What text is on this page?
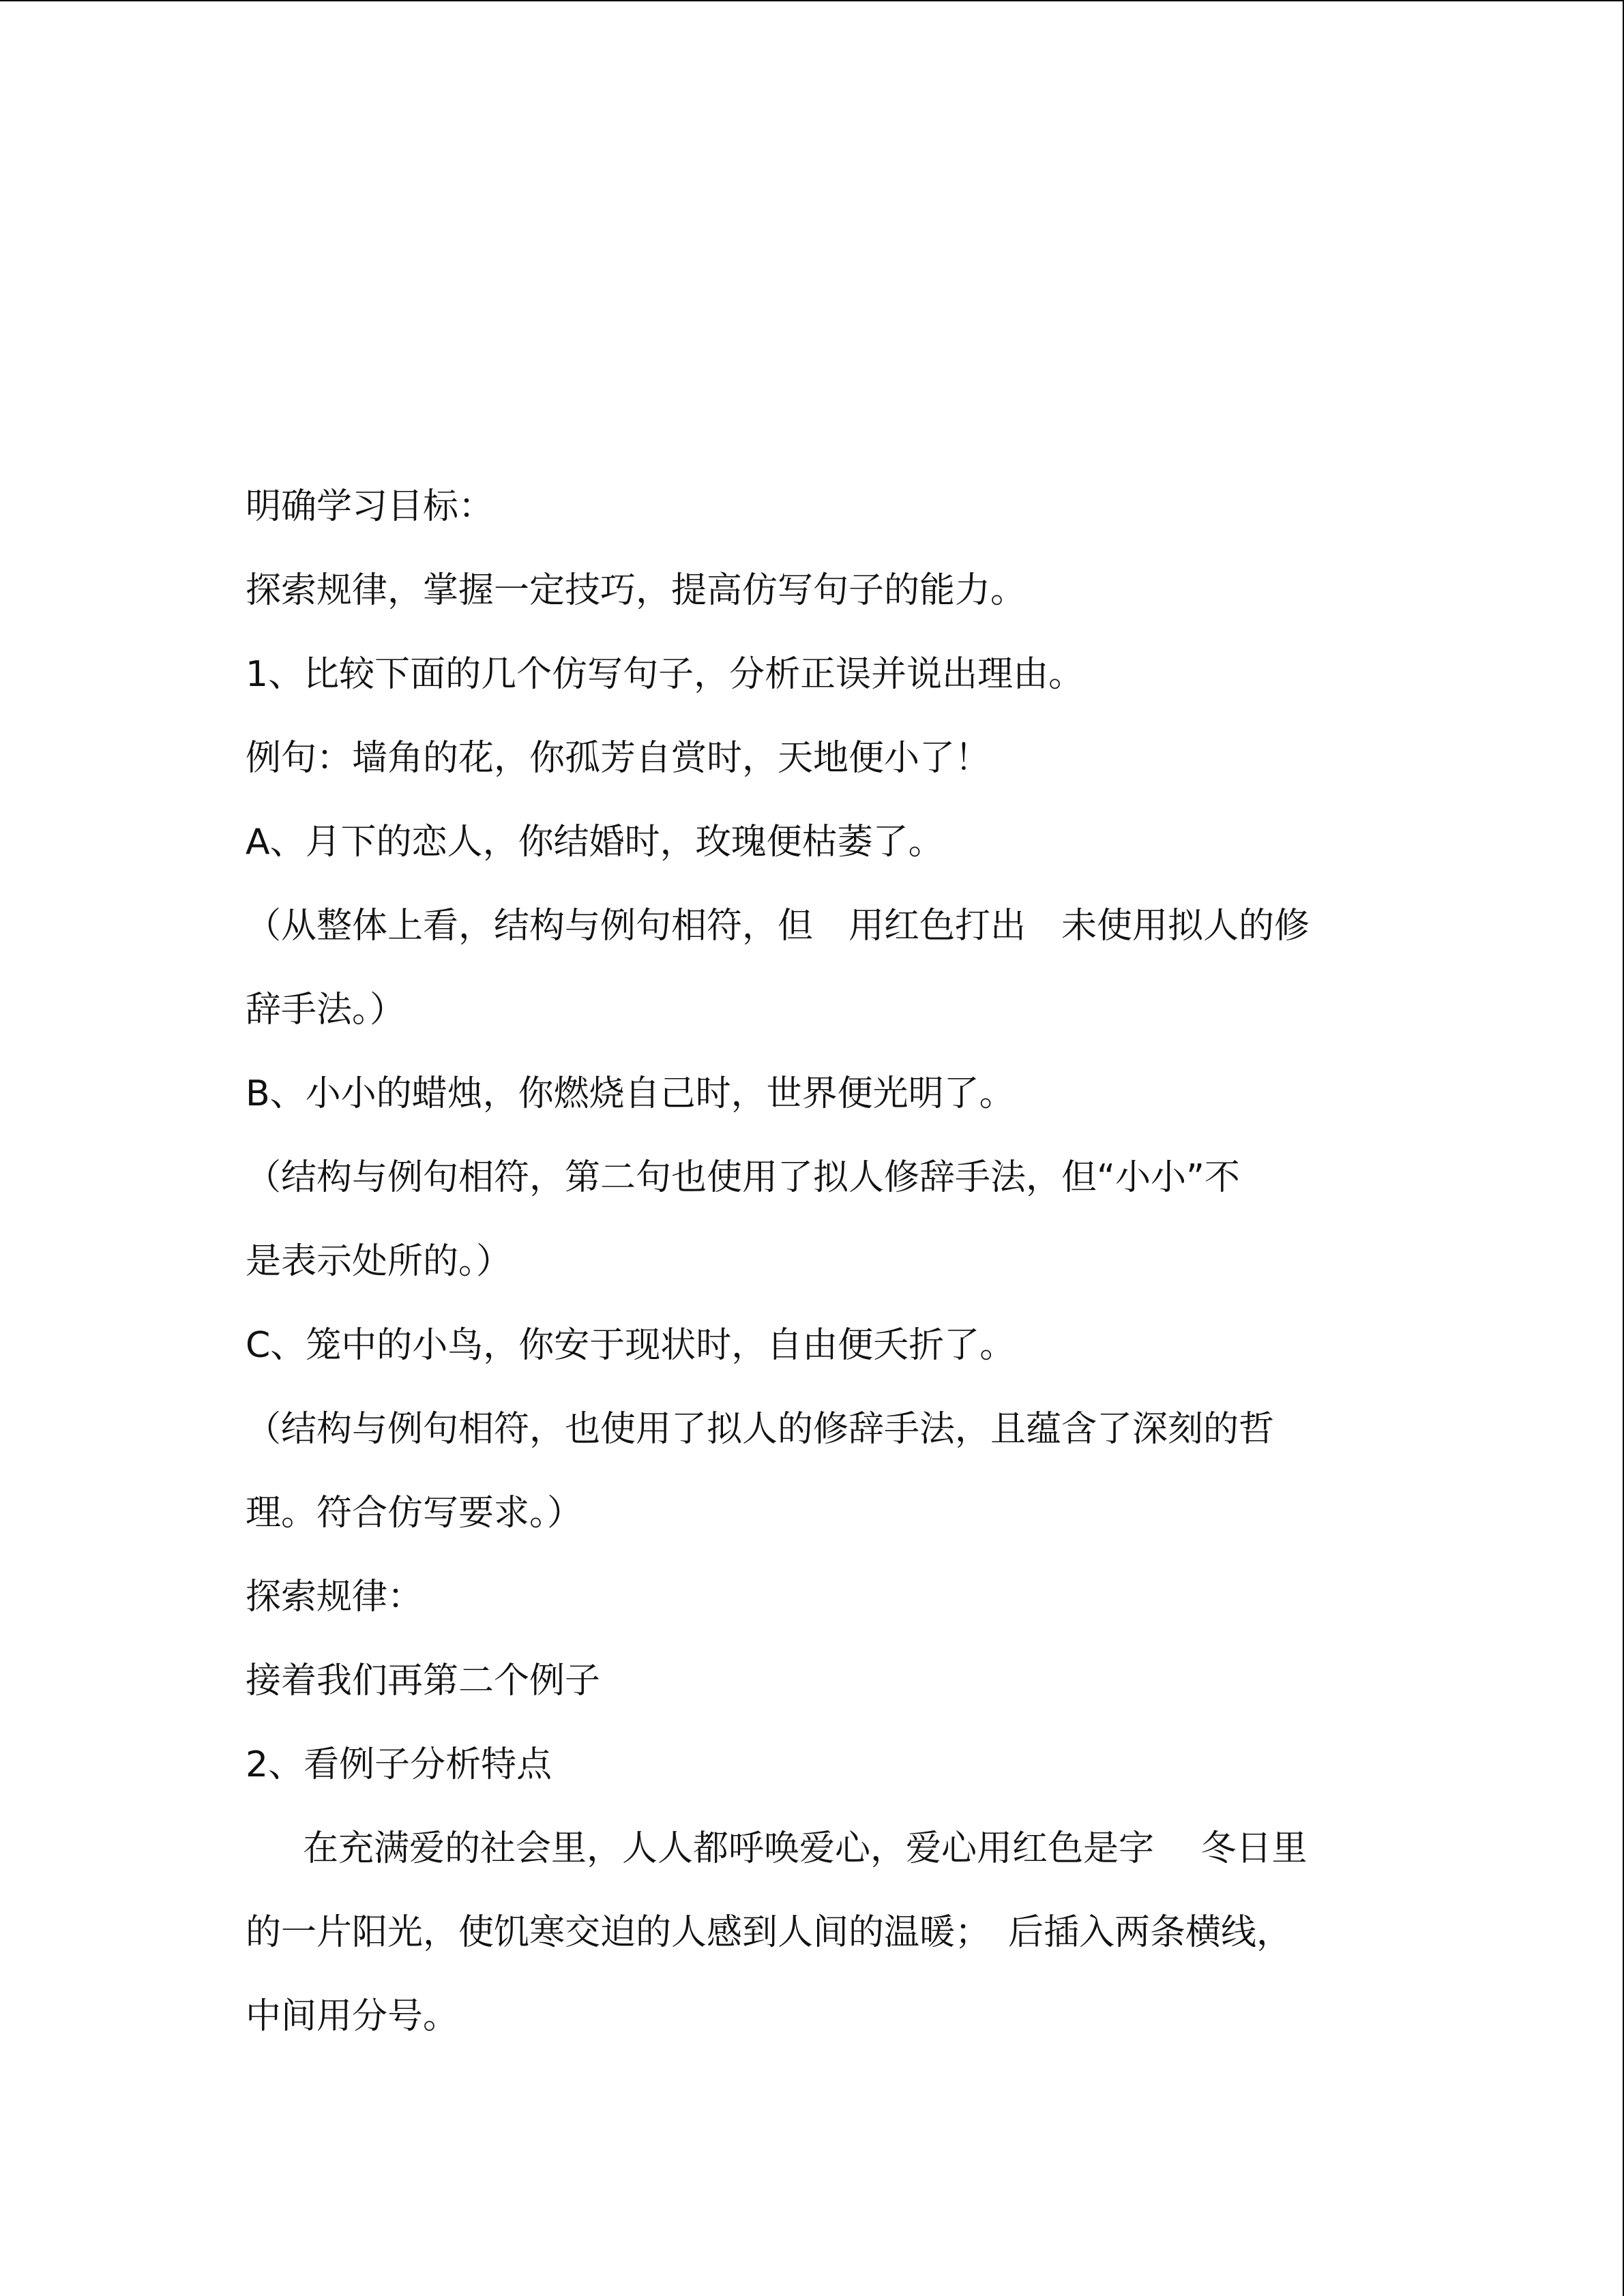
明确学习目标：
探索规律，掌握一定技巧，提高仿写句子的能力。
1、比较下面的几个仿写句子，分析正误并说出理由。
例句：墙角的花，你孤芳自赏时，天地便小了！
A、月下的恋人，你结婚时，玫瑰便枯萎了。
（从整体上看，结构与例句相符，但　用红色打出　未使用拟人的修
辞手法。）
B、小小的蜡烛，你燃烧自己时，世界便光明了。
（结构与例句相符，第二句也使用了拟人修辞手法，但“小小”不
是表示处所的。）
C、笼中的小鸟，你安于现状时，自由便夭折了。
（结构与例句相符，也使用了拟人的修辞手法，且蕴含了深刻的哲
理。符合仿写要求。）
探索规律：
接着我们再第二个例子
2、看例子分析特点
在充满爱的社会里，人人都呼唤爱心，爱心用红色是字　 冬日里
的一片阳光，使饥寒交迫的人感到人间的温暖；　后插入两条横线，
中间用分号。
